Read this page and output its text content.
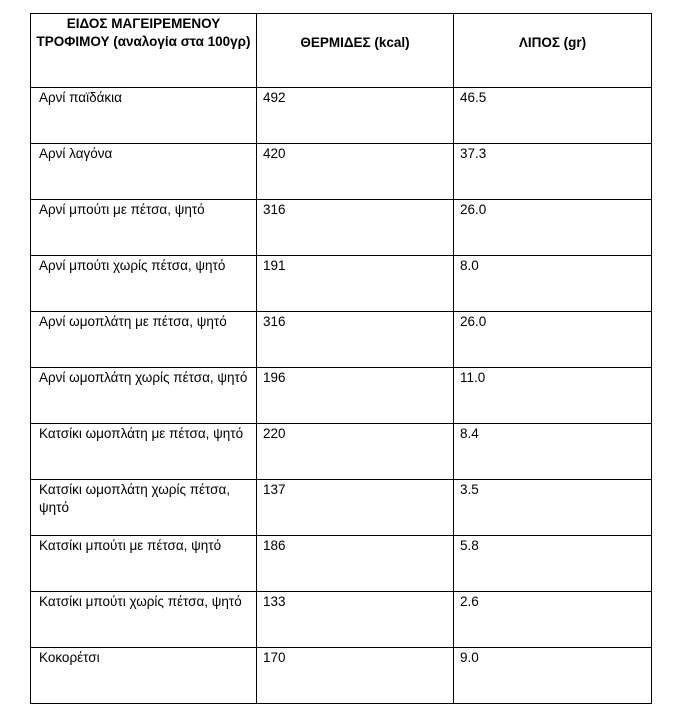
ΕΙΔΟΣ ΜΑΓΕΙΡΕΜΕΝΟΥ ΤΡΟΦΙΜΟΥ (αναλογία στα 100γρ)	ΘΕΡΜΙΔΕΣ (kcal)	ΛΙΠΟΣ (gr)

Αρνί παϊδάκια	492	46.5

Αρνί λαγόνα	420	37.3

Αρνί μπούτι με πέτσα, ψητό	316	26.0

Αρνί μπούτι χωρίς πέτσα, ψητό	191	8.0

Αρνί ωμοπλάτη με πέτσα, ψητό	316	26.0

Αρνί ωμοπλάτη χωρίς πέτσα, ψητό	196	11.0

Κατσίκι ωμοπλάτη με πέτσα, ψητό	220	8.4

Κατσίκι ωμοπλάτη χωρίς πέτσα, ψητό	137	3.5

Κατσίκι μπούτι με πέτσα, ψητό	186	5.8

Κατσίκι μπούτι χωρίς πέτσα, ψητό	133	2.6

Κοκορέτσι	170	9.0
